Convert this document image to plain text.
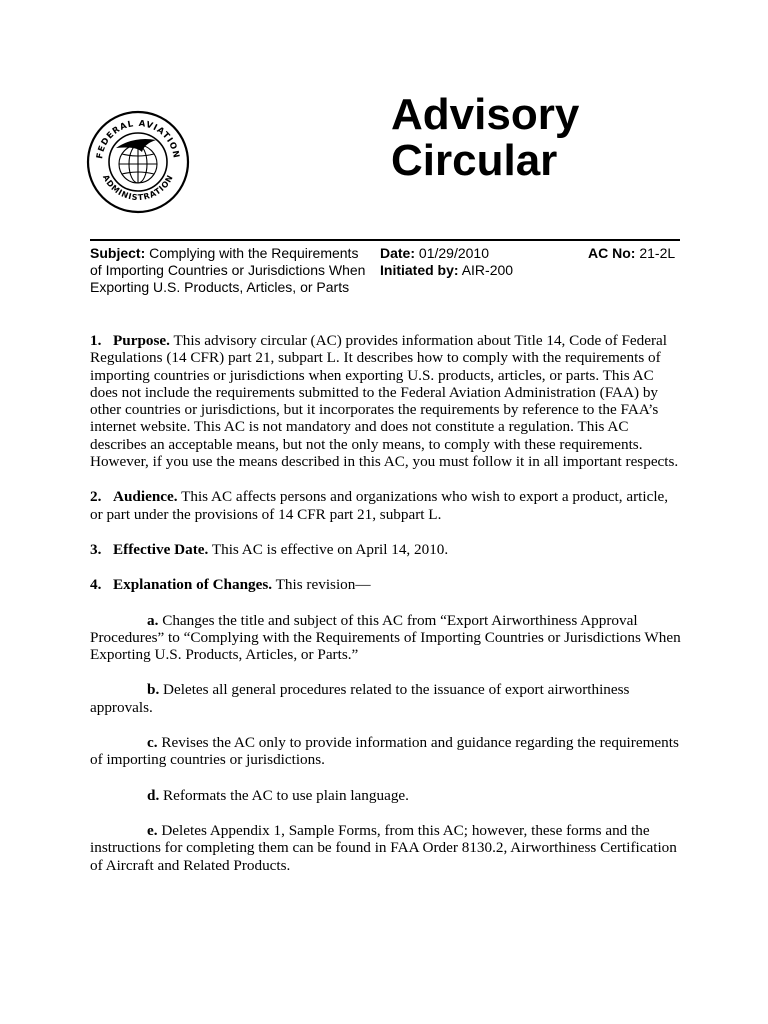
FEDERAL AVIATION
ADMINISTRATION
Advisory
Circular
Subject: Complying with the Requirements of Importing Countries or Jurisdictions When Exporting U.S. Products, Articles, or Parts
Date: 01/29/2010
Initiated by: AIR-200
AC No: 21-2L

1. Purpose. This advisory circular (AC) provides information about Title 14, Code of Federal Regulations (14 CFR) part 21, subpart L. It describes how to comply with the requirements of importing countries or jurisdictions when exporting U.S. products, articles, or parts. This AC does not include the requirements submitted to the Federal Aviation Administration (FAA) by other countries or jurisdictions, but it incorporates the requirements by reference to the FAA’s internet website. This AC is not mandatory and does not constitute a regulation. This AC describes an acceptable means, but not the only means, to comply with these requirements. However, if you use the means described in this AC, you must follow it in all important respects.

2. Audience. This AC affects persons and organizations who wish to export a product, article, or part under the provisions of 14 CFR part 21, subpart L.

3. Effective Date. This AC is effective on April 14, 2010.

4. Explanation of Changes. This revision—

a. Changes the title and subject of this AC from “Export Airworthiness Approval Procedures” to “Complying with the Requirements of Importing Countries or Jurisdictions When Exporting U.S. Products, Articles, or Parts.”

b. Deletes all general procedures related to the issuance of export airworthiness approvals.

c. Revises the AC only to provide information and guidance regarding the requirements of importing countries or jurisdictions.

d. Reformats the AC to use plain language.

e. Deletes Appendix 1, Sample Forms, from this AC; however, these forms and the instructions for completing them can be found in FAA Order 8130.2, Airworthiness Certification of Aircraft and Related Products.
